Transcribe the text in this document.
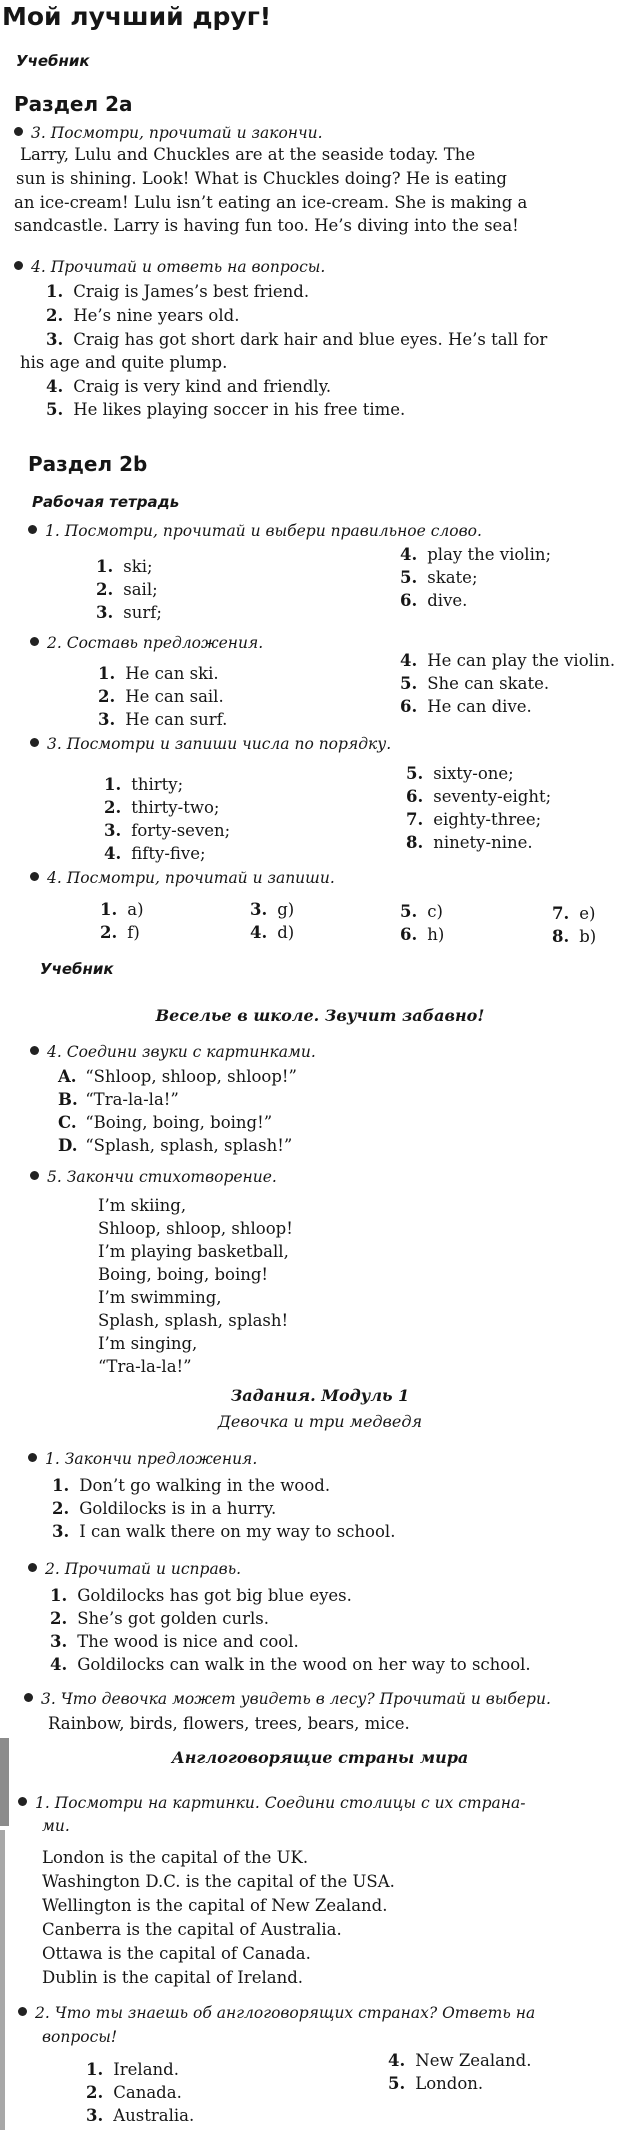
Мой лучший друг!
Учебник
Раздел 2a
3. Посмотри, прочитай и закончи.
Larry, Lulu and Chuckles are at the seaside today. The
sun is shining. Look! What is Chuckles doing? He is eating
an ice-cream! Lulu isn’t eating an ice-cream. She is making a
sandcastle. Larry is having fun too. He’s diving into the sea!
4. Прочитай и ответь на вопросы.
1. Craig is James’s best friend.
2. He’s nine years old.
3. Craig has got short dark hair and blue eyes. He’s tall for
his age and quite plump.
4. Craig is very kind and friendly.
5. He likes playing soccer in his free time.
Раздел 2b
Рабочая тетрадь
1. Посмотри, прочитай и выбери правильное слово.
1. ski;
2. sail;
3. surf;
4. play the violin;
5. skate;
6. dive.
2. Составь предложения.
1. He can ski.
2. He can sail.
3. He can surf.
4. He can play the violin.
5. She can skate.
6. He can dive.
3. Посмотри и запиши числа по порядку.
1. thirty;
2. thirty-two;
3. forty-seven;
4. fifty-five;
5. sixty-one;
6. seventy-eight;
7. eighty-three;
8. ninety-nine.
4. Посмотри, прочитай и запиши.
1. a)	3. g)	5. c)	7. e)
2. f)	4. d)	6. h)	8. b)
Учебник
Веселье в школе. Звучит забавно!
4. Соедини звуки с картинками.
A. “Shloop, shloop, shloop!”
B. “Tra-la-la!”
C. “Boing, boing, boing!”
D. “Splash, splash, splash!”
5. Закончи стихотворение.
I’m skiing,
Shloop, shloop, shloop!
I’m playing basketball,
Boing, boing, boing!
I’m swimming,
Splash, splash, splash!
I’m singing,
“Tra-la-la!”
Задания. Модуль 1
Девочка и три медведя
1. Закончи предложения.
1. Don’t go walking in the wood.
2. Goldilocks is in a hurry.
3. I can walk there on my way to school.
2. Прочитай и исправь.
1. Goldilocks has got big blue eyes.
2. She’s got golden curls.
3. The wood is nice and cool.
4. Goldilocks can walk in the wood on her way to school.
3. Что девочка может увидеть в лесу? Прочитай и выбери.
Rainbow, birds, flowers, trees, bears, mice.
Англоговорящие страны мира
1. Посмотри на картинки. Соедини столицы с их страна-
ми.
London is the capital of the UK.
Washington D.C. is the capital of the USA.
Wellington is the capital of New Zealand.
Canberra is the capital of Australia.
Ottawa is the capital of Canada.
Dublin is the capital of Ireland.
2. Что ты знаешь об англоговорящих странах? Ответь на
вопросы!
1. Ireland.
2. Canada.
3. Australia.
4. New Zealand.
5. London.
